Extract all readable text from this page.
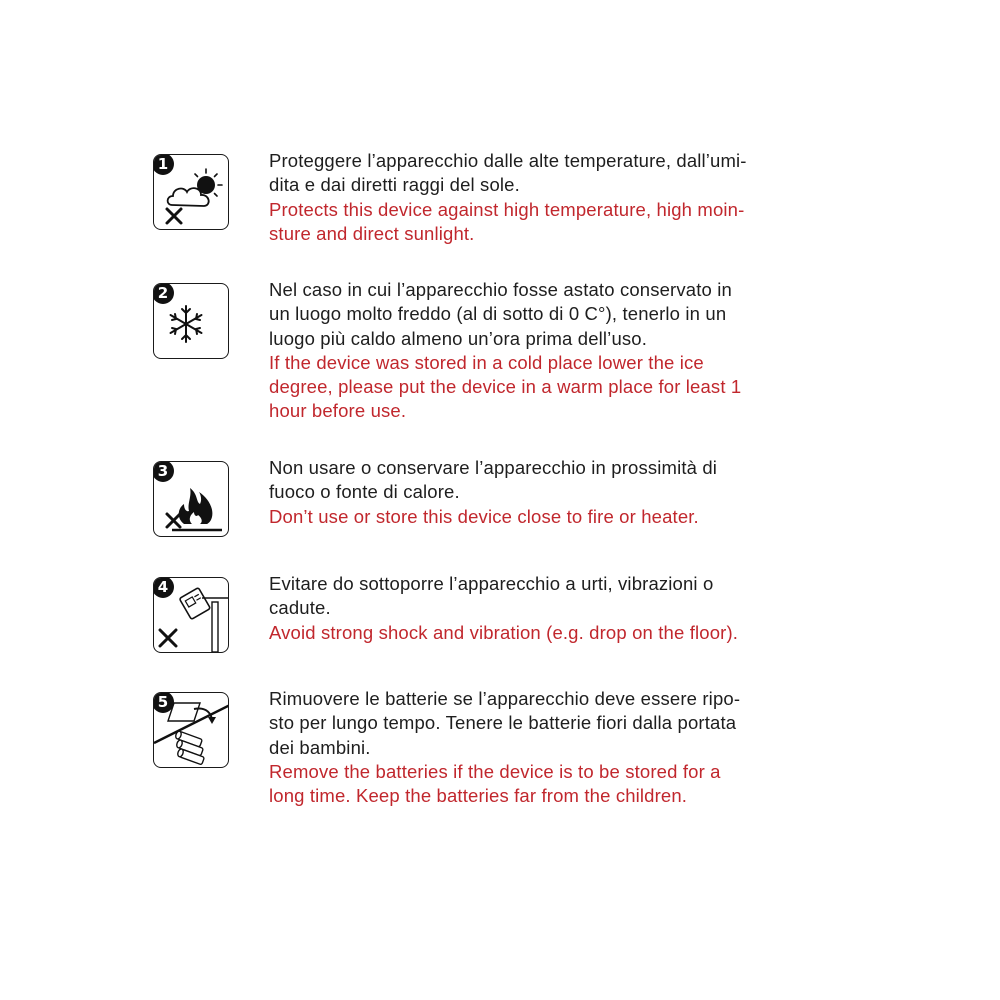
1	Proteggere l’apparecchio dalle alte temperature, dall’umi-
dita e dai diretti raggi del sole.

Protects this device against high temperature, high moin-
sture and direct sunlight.

2	Nel caso in cui l’apparecchio fosse astato conservato in
un luogo molto freddo (al di sotto di 0 C°), tenerlo in un
luogo più caldo almeno un’ora prima dell’uso.

If the device was stored in a cold place lower the ice
degree, please put the device in a warm place for least 1
hour before use.

3	Non usare o conservare l’apparecchio in prossimità di
fuoco o fonte di calore.

Don’t use or store this device close to fire or heater.

4	Evitare do sottoporre l’apparecchio a urti, vibrazioni o
cadute.

Avoid strong shock and vibration (e.g. drop on the floor).

5	Rimuovere le batterie se l’apparecchio deve essere ripo-
sto per lungo tempo. Tenere le batterie fiori dalla portata
dei bambini.

Remove the batteries if the device is to be stored for a
long time. Keep the batteries far from the children.
